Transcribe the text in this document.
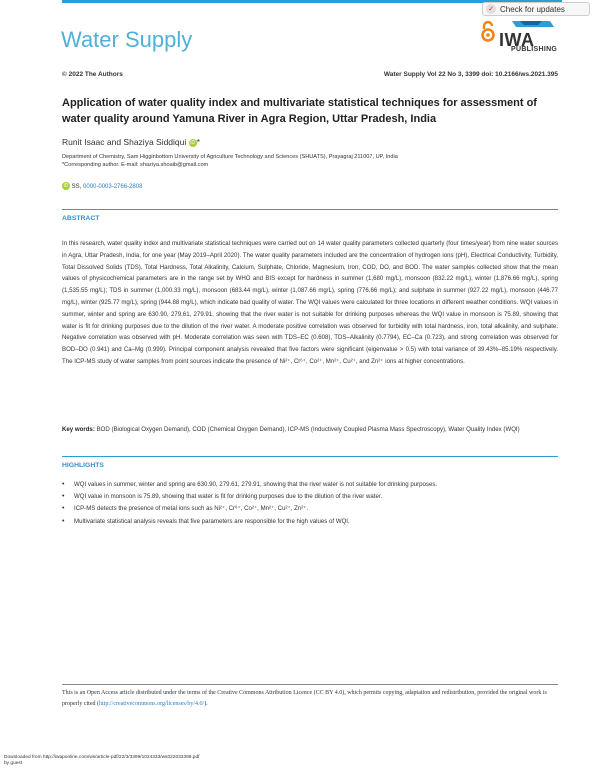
Water Supply
✓ Check for updates
IWA
PUBLISHING
© 2022 The Authors	Water Supply Vol 22 No 3, 3399 doi: 10.2166/ws.2021.395
Application of water quality index and multivariate statistical techniques for assessment of water quality around Yamuna River in Agra Region, Uttar Pradesh, India
Runit Isaac and Shaziya Siddiqui iD *
Department of Chemistry, Sam Higginbottom University of Agriculture Technology and Sciences (SHUATS), Prayagraj 211007, UP, India
*Corresponding author. E-mail: shaziya.shoaib@gmail.com
iD SS, 0000-0003-2766-2808
ABSTRACT

In this research, water quality index and multivariate statistical techniques were carried out on 14 water quality parameters collected quarterly (four times/year) from nine water sources in Agra, Uttar Pradesh, India, for one year (May 2019–April 2020). The water quality parameters included are the concentration of hydrogen ions (pH), Electrical Conductivity, Turbidity, Total Dissolved Solids (TDS), Total Hardness, Total Alkalinity, Calcium, Sulphate, Chloride, Magnesium, Iron, COD, DO, and BOD. The water samples collected show that the mean values of physicochemical parameters are in the range set by WHO and BIS except for hardness in summer (1,680 mg/L), monsoon (832.22 mg/L), winter (1,876.66 mg/L), spring (1,535.55 mg/L); TDS in summer (1,000.33 mg/L), monsoon (683.44 mg/L), winter (1,087.66 mg/L), spring (776.66 mg/L); and sulphate in summer (927.22 mg/L), monsoon (446.77 mg/L), winter (925.77 mg/L), spring (944.88 mg/L), which indicate bad quality of water. The WQI values were calculated for three locations in different weather conditions. WQI values in summer, winter and spring are 630.90, 279.61, 279.91, showing that the river water is not suitable for drinking purposes whereas the WQI value in monsoon is 75.89, showing that water is fit for drinking purposes due to the dilution of the river water. A moderate positive correlation was observed for turbidity with total hardness, iron, total alkalinity, and sulphate. Negative correlation was observed with pH. Moderate correlation was seen with TDS–EC (0.608), TDS–Alkalinity (0.7794), EC–Ca (0.723), and strong correlation was observed for BOD–DO (0.941) and Ca–Mg (0.999). Principal component analysis revealed that five factors were significant (eigenvalue > 0.5) with total variance of 39.43%–85.19% respectively. The ICP-MS study of water samples from point sources indicate the presence of Ni²⁺, Cr⁶⁺, Co²⁺, Mn²⁺, Cu²⁺, and Zn²⁺ ions at higher concentrations.

Key words: BOD (Biological Oxygen Demand), COD (Chemical Oxygen Demand), ICP-MS (Inductively Coupled Plasma Mass Spectroscopy), Water Quality Index (WQI)

HIGHLIGHTS
• WQI values in summer, winter and spring are 630.90, 279.61, 279.91, showing that the river water is not suitable for drinking purposes.
• WQI value in monsoon is 75.89, showing that water is fit for drinking purposes due to the dilution of the river water.
• ICP-MS detects the presence of metal ions such as Ni²⁺, Cr⁶⁺, Co²⁺, Mn²⁺, Cu²⁺, Zn²⁺.
• Multivariate statistical analysis reveals that five parameters are responsible for the high values of WQI.

This is an Open Access article distributed under the terms of the Creative Commons Attribution Licence (CC BY 4.0), which permits copying, adaptation and redistribution, provided the original work is properly cited (http://creativecommons.org/licenses/by/4.0/).

Downloaded from http://iwaponline.com/ws/article-pdf/22/3/3399/1024333/ws022033399.pdf
by guest
